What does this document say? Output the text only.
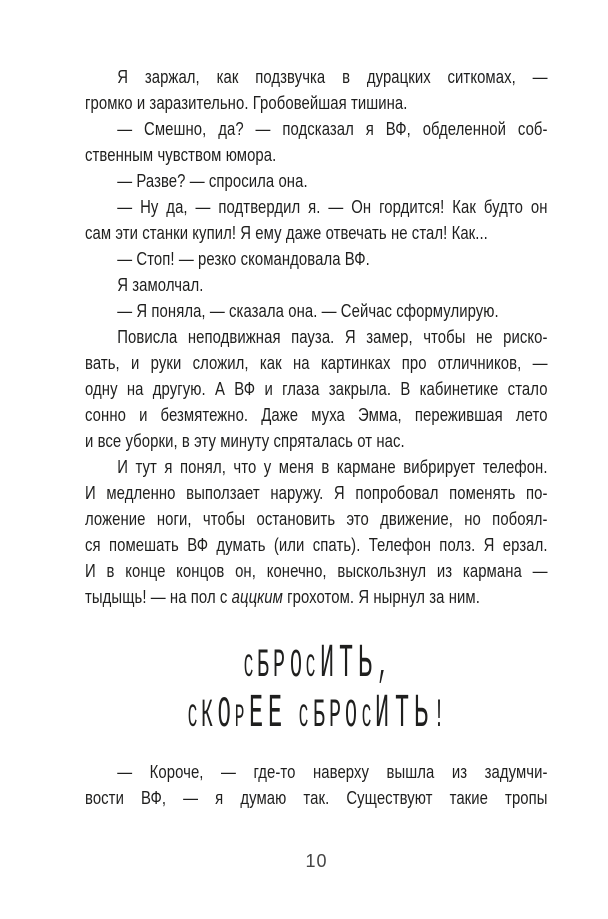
Я заржал, как подзвучка в дурацких ситкомах, —
громко и заразительно. Гробовейшая тишина.
— Смешно, да? — подсказал я ВФ, обделенной соб-
ственным чувством юмора.
— Разве? — спросила она.
— Ну да, — подтвердил я. — Он гордится! Как будто он
сам эти станки купил! Я ему даже отвечать не стал! Как...
— Стоп! — резко скомандовала ВФ.
Я замолчал.
— Я поняла, — сказала она. — Сейчас сформулирую.
Повисла неподвижная пауза. Я замер, чтобы не риско-
вать, и руки сложил, как на картинках про отличников, —
одну на другую. А ВФ и глаза закрыла. В кабинетике стало
сонно и безмятежно. Даже муха Эмма, пережившая лето
и все уборки, в эту минуту спряталась от нас.
И тут я понял, что у меня в кармане вибрирует телефон.
И медленно выползает наружу. Я попробовал поменять по-
ложение ноги, чтобы остановить это движение, но побоял-
ся помешать ВФ думать (или спать). Телефон полз. Я ерзал.
И в конце концов он, конечно, выскользнул из кармана —
тыдыщь! — на пол с аццким грохотом. Я нырнул за ним.
СБ Р О СИ Т Ь ,
СК О РЕ Е СБ Р О СИ Т Ь !
— Короче, — где-то наверху вышла из задумчи-
вости ВФ, — я думаю так. Существуют такие тропы
10
